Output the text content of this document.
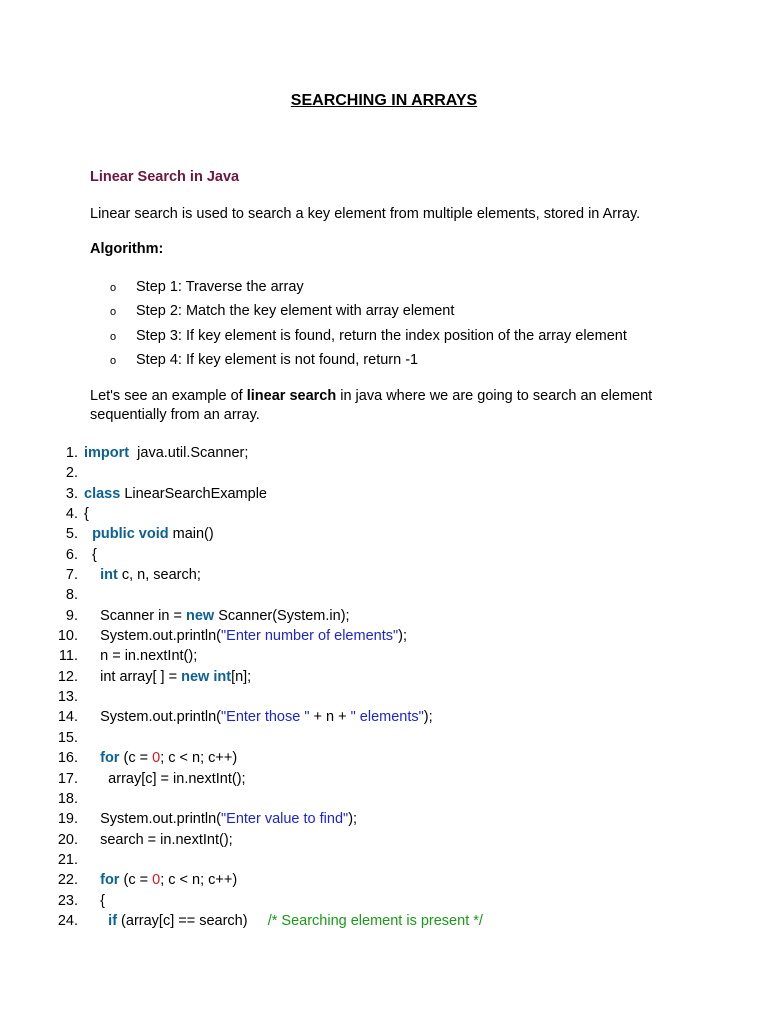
SEARCHING IN ARRAYS
Linear Search in Java
Linear search is used to search a key element from multiple elements, stored in Array.
Algorithm:
o	Step 1: Traverse the array
o	Step 2: Match the key element with array element
o	Step 3: If key element is found, return the index position of the array element
o	Step 4: If key element is not found, return -1
Let's see an example of linear search in java where we are going to search an element sequentially from an array.
1. import  java.util.Scanner;
2.
3. class LinearSearchExample
4. {
5. public void main()
6. {
7.	int c, n, search;
8.
9. Scanner in = new Scanner(System.in);
10. System.out.println("Enter number of elements");
11. n = in.nextInt();
12. int array[ ] = new int[n];
13.
14. System.out.println("Enter those " + n + " elements");
15.
16.	for (c = 0; c < n; c++)
17. array[c] = in.nextInt();
18.
19. System.out.println("Enter value to find");
20. search = in.nextInt();
21.
22.	for (c = 0; c < n; c++)
23. {
24.	if (array[c] == search)     /* Searching element is present */
